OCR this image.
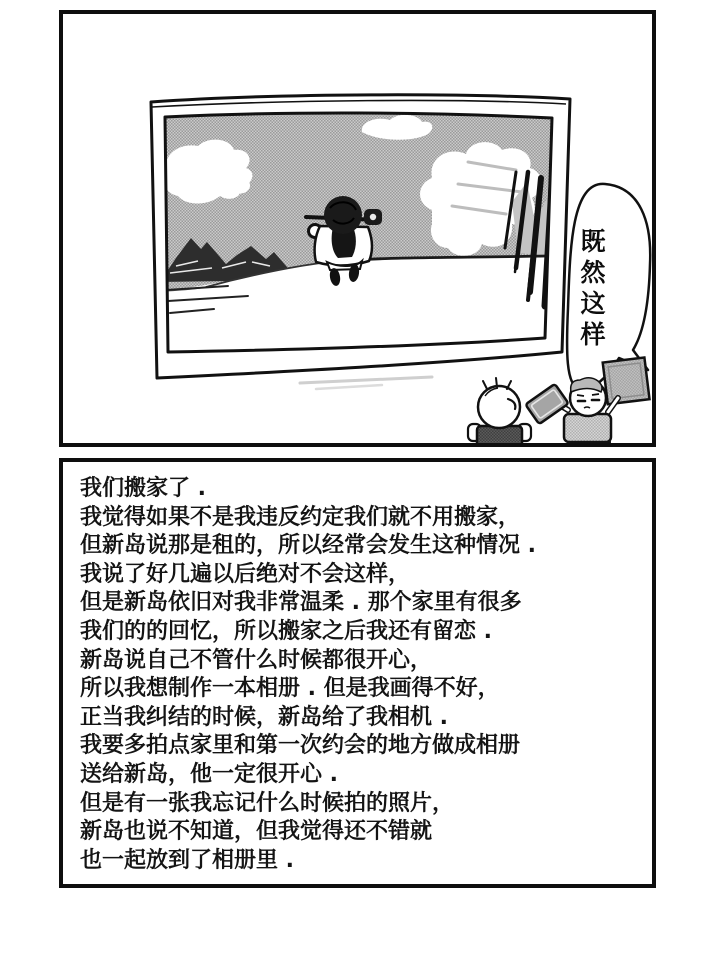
既然这样
我们搬家了 .
我觉得如果不是我违反约定我们就不用搬家，
但新岛说那是租的，所以经常会发生这种情况 .
我说了好几遍以后绝对不会这样，
但是新岛依旧对我非常温柔 . 那个家里有很多
我们的的回忆，所以搬家之后我还有留恋 .
新岛说自己不管什么时候都很开心，
所以我想制作一本相册 . 但是我画得不好，
正当我纠结的时候，新岛给了我相机 .
我要多拍点家里和第一次约会的地方做成相册
送给新岛，他一定很开心 .
但是有一张我忘记什么时候拍的照片，
新岛也说不知道，但我觉得还不错就
也一起放到了相册里 .
